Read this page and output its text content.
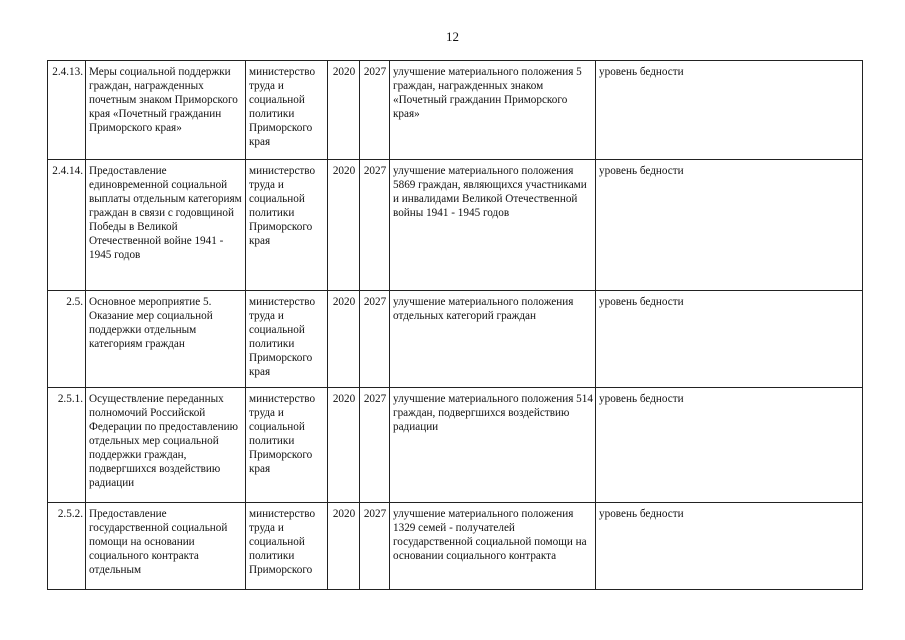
12
2.4.13.	Меры социальной поддержки граждан, награжденных почетным знаком Приморского края «Почетный гражданин Приморского края»	министерство труда и социальной политики Приморского края	2020	2027	улучшение материального положения 5 граждан, награжденных знаком «Почетный гражданин Приморского края»	уровень бедности
2.4.14.	Предоставление единовременной социальной выплаты отдельным категориям граждан в связи с годовщиной Победы в Великой Отечественной войне 1941 - 1945 годов	министерство труда и социальной политики Приморского края	2020	2027	улучшение материального положения 5869 граждан, являющихся участниками и инвалидами Великой Отечественной войны 1941 - 1945 годов	уровень бедности
2.5.	Основное мероприятие 5. Оказание мер социальной поддержки отдельным категориям граждан	министерство труда и социальной политики Приморского края	2020	2027	улучшение материального положения отдельных категорий граждан	уровень бедности
2.5.1.	Осуществление переданных полномочий Российской Федерации по предоставлению отдельных мер социальной поддержки граждан, подвергшихся воздействию радиации	министерство труда и социальной политики Приморского края	2020	2027	улучшение материального положения 514 граждан, подвергшихся воздействию радиации	уровень бедности
2.5.2.	Предоставление государственной социальной помощи на основании социального контракта отдельным	министерство труда и социальной политики Приморского	2020	2027	улучшение материального положения 1329 семей - получателей государственной социальной помощи на основании социального контракта	уровень бедности
